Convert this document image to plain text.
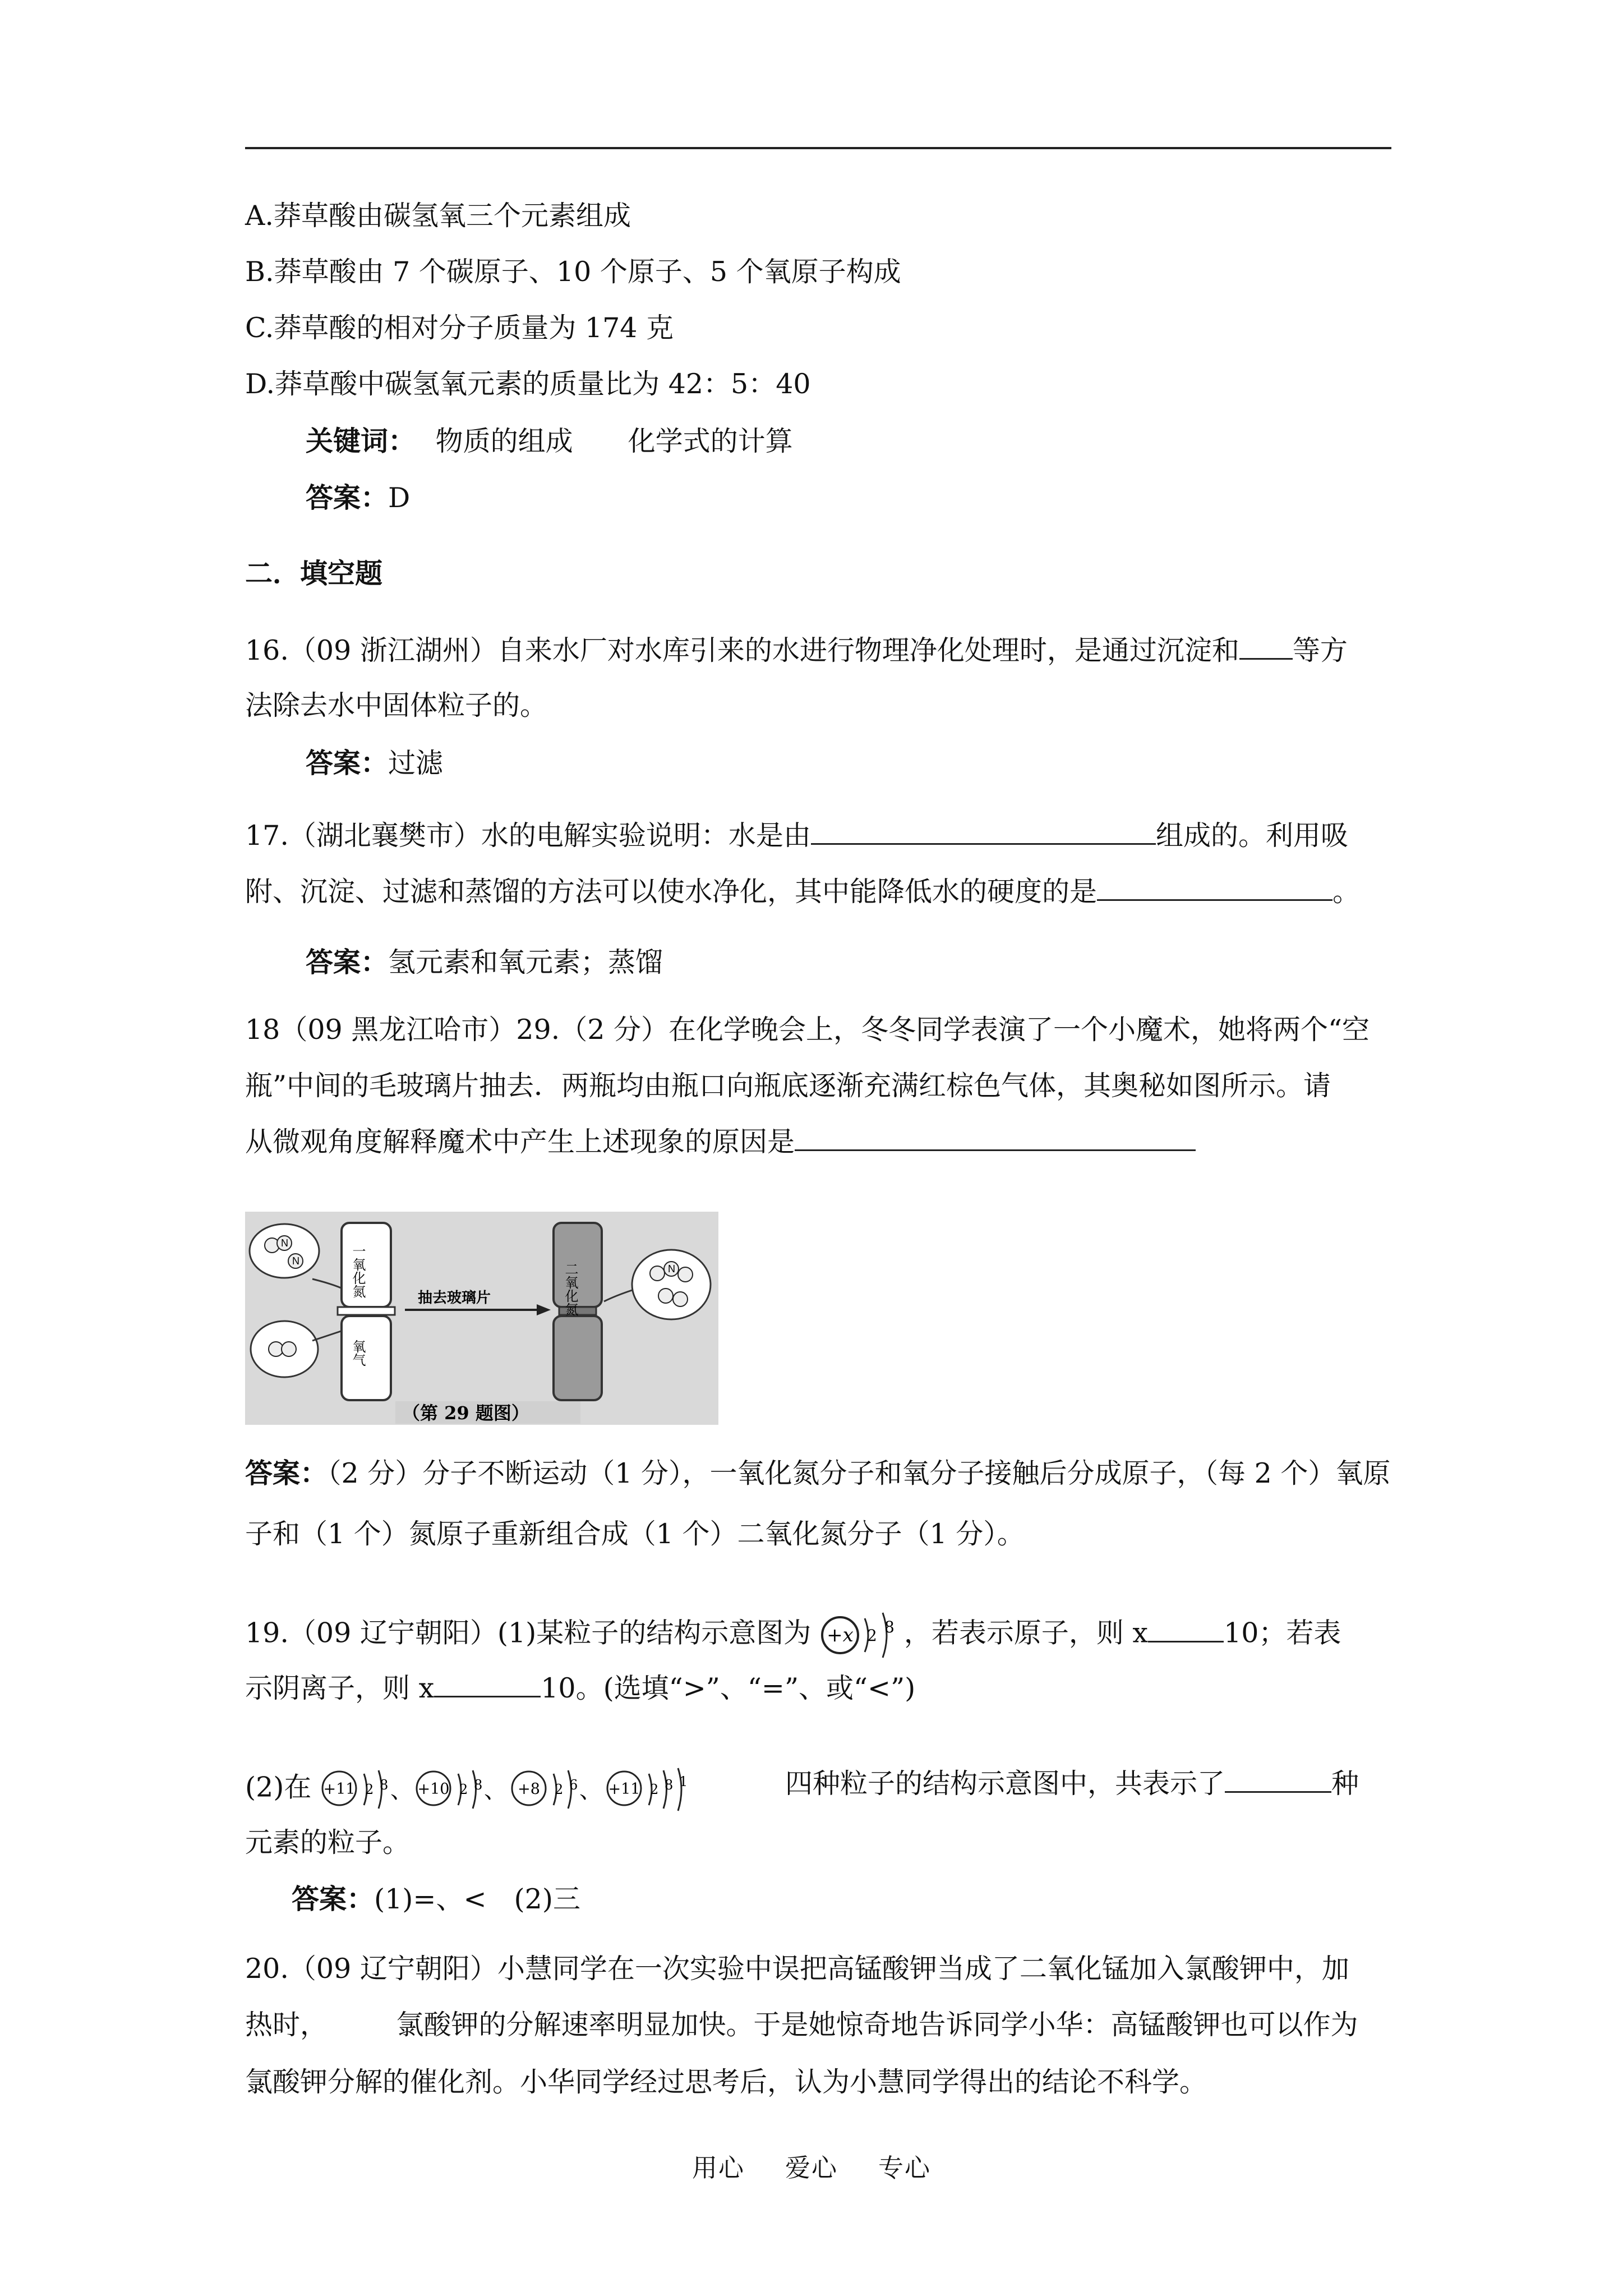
A.莽草酸由碳氢氧三个元素组成
B.莽草酸由 7 个碳原子、10 个原子、5 个氧原子构成
C.莽草酸的相对分子质量为 174 克
D.莽草酸中碳氢氧元素的质量比为 42：5：40
关键词： 物质的组成　　化学式的计算
答案：D
二．填空题
16.（09 浙江湖州）自来水厂对水库引来的水进行物理净化处理时，是通过沉淀和 等方
法除去水中固体粒子的。
答案：过滤
17.（湖北襄樊市）水的电解实验说明：水是由	组成的。利用吸
附、沉淀、过滤和蒸馏的方法可以使水净化，其中能降低水的硬度的是	。
答案：氢元素和氧元素；蒸馏
18（09 黑龙江哈市）29.（2 分）在化学晚会上，冬冬同学表演了一个小魔术，她将两个“空
瓶”中间的毛玻璃片抽去．两瓶均由瓶口向瓶底逐渐充满红棕色气体，其奥秘如图所示。请
从微观角度解释魔术中产生上述现象的原因是
N
N	一氧化氮
氧气
抽去玻璃片	二氧化氮	N
（第 29 题图）
答案：（2 分）分子不断运动（1 分），一氧化氮分子和氧分子接触后分成原子，（每 2 个）氧原
子和（1 个）氮原子重新组合成（1 个）二氧化氮分子（1 分）。
19.（09 辽宁朝阳）(1)某粒子的结构示意图为 +x 2 8 ，若表示原子，则 x	10；若表
示阴离子，则 x	10。(选填“>”、“=”、或“<”)
(2)在 +11 2 8 、 +10 2 8 、 +8 2 6 、 +11 2 8 1	四种粒子的结构示意图中，共表示了	种
元素的粒子。
答案：(1)=、<　(2)三
20.（09 辽宁朝阳）小慧同学在一次实验中误把高锰酸钾当成了二氧化锰加入氯酸钾中，加
热时，　　　氯酸钾的分解速率明显加快。于是她惊奇地告诉同学小华：高锰酸钾也可以作为
氯酸钾分解的催化剂。小华同学经过思考后，认为小慧同学得出的结论不科学。
用心 爱心 专心
